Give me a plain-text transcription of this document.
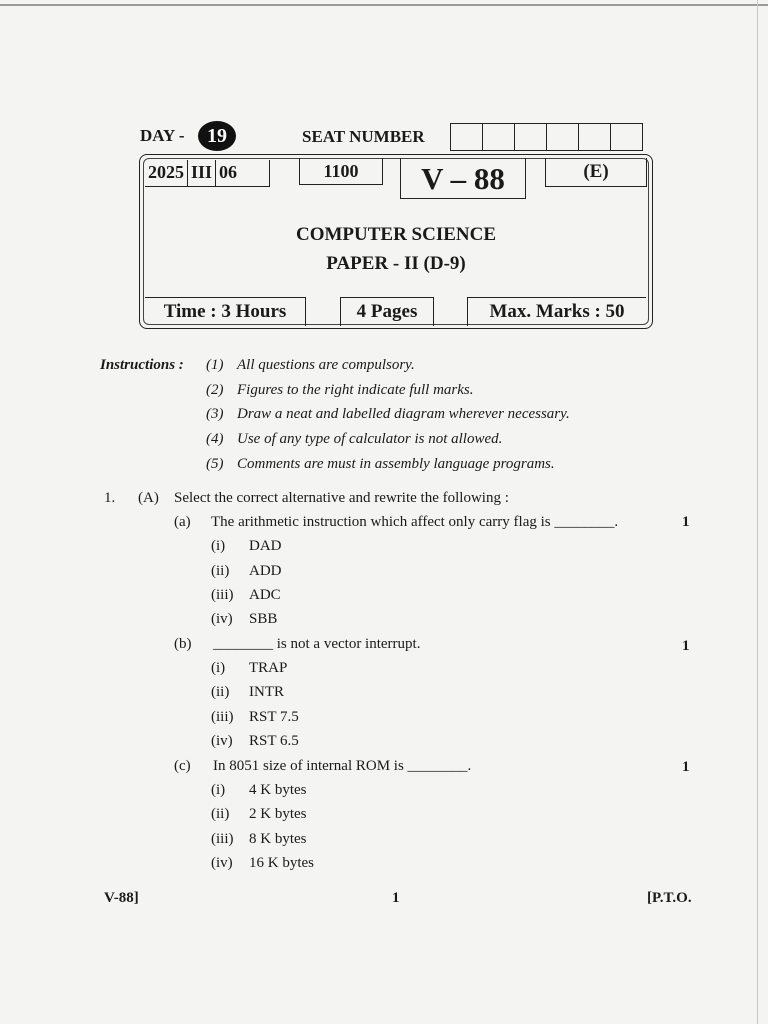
DAY -	19	SEAT NUMBER
2025 III 06	1100	V – 88	(E)
COMPUTER SCIENCE
PAPER - II (D-9)
Time : 3 Hours	4 Pages	Max. Marks : 50
Instructions : (1) All questions are compulsory.
(2) Figures to the right indicate full marks.
(3) Draw a neat and labelled diagram wherever necessary.
(4) Use of any type of calculator is not allowed.
(5) Comments are must in assembly language programs.
1. (A) Select the correct alternative and rewrite the following :
(a) The arithmetic instruction which affect only carry flag is ________.	1
(i) DAD
(ii) ADD
(iii) ADC
(iv) SBB
(b) ________ is not a vector interrupt.	1
(i) TRAP
(ii) INTR
(iii) RST 7.5
(iv) RST 6.5
(c) In 8051 size of internal ROM is ________.	1
(i) 4 K bytes
(ii) 2 K bytes
(iii) 8 K bytes
(iv) 16 K bytes
V-88]	1	[P.T.O.
